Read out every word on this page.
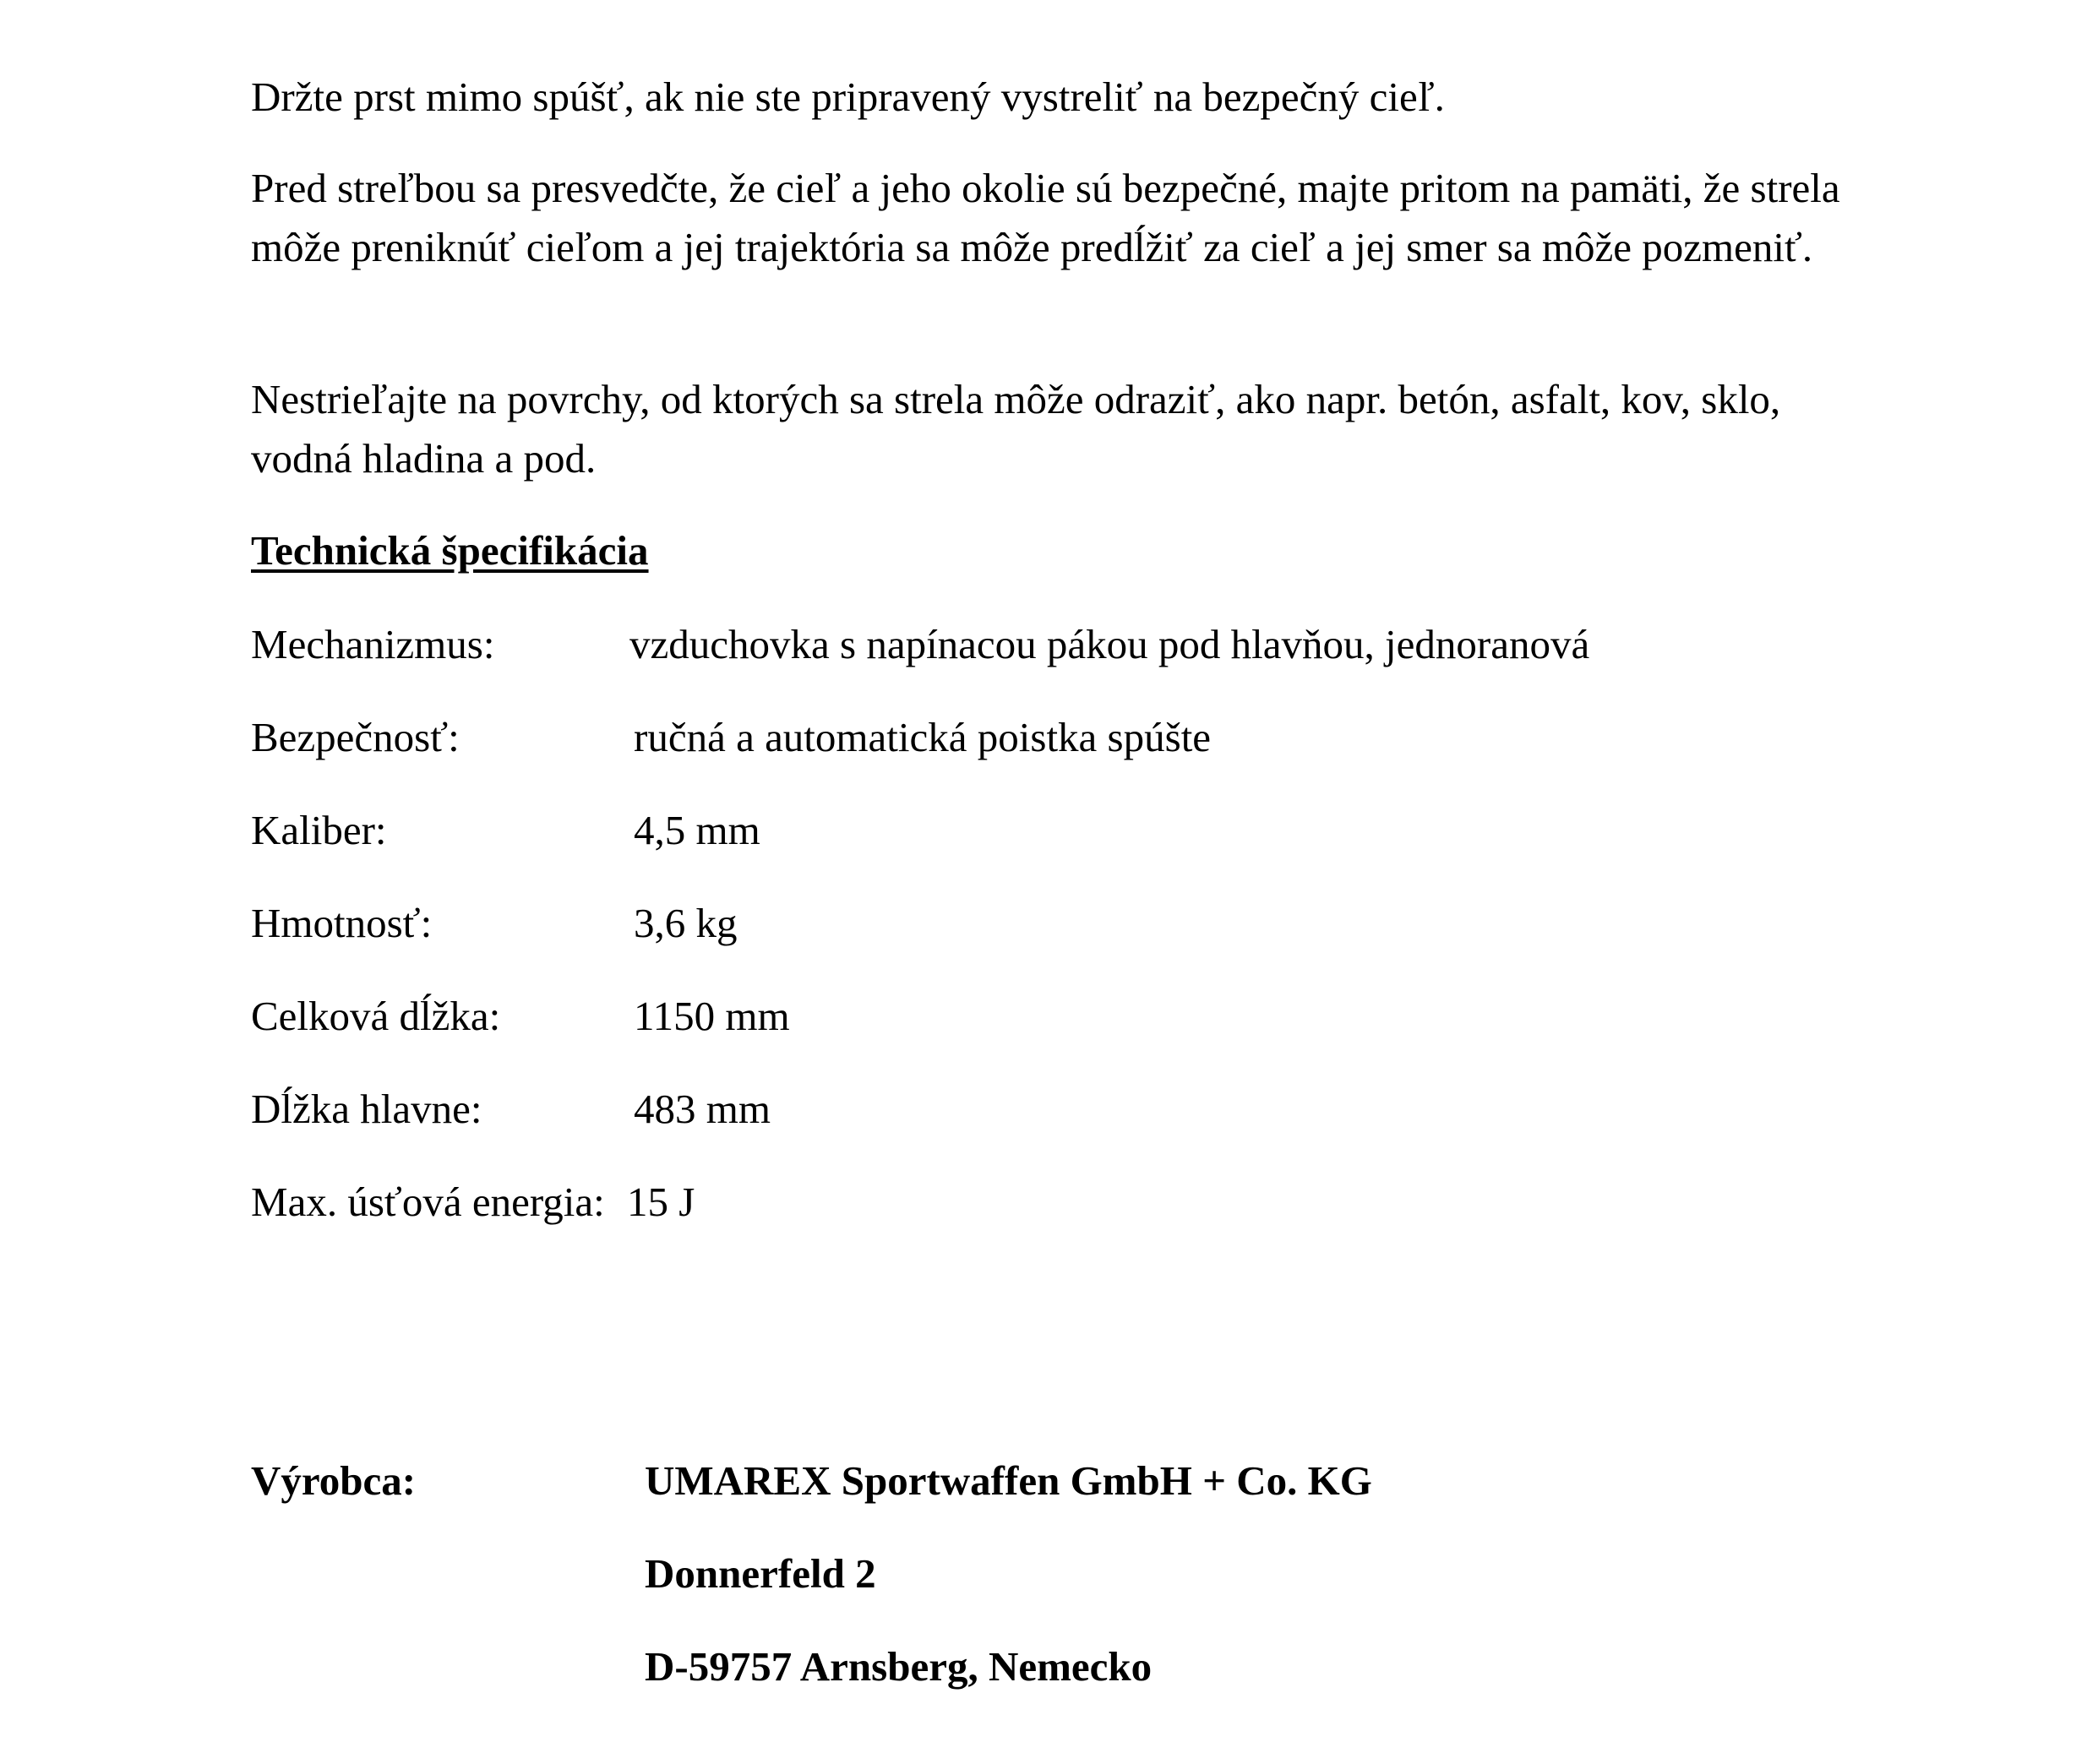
Držte prst mimo spúšť, ak nie ste pripravený vystreliť na bezpečný cieľ.

Pred streľbou sa presvedčte, že cieľ a jeho okolie sú bezpečné, majte pritom na pamäti, že strela môže preniknúť cieľom a jej trajektória sa môže predĺžiť za cieľ a jej smer sa môže pozmeniť.

Nestrieľajte na povrchy, od ktorých sa strela môže odraziť, ako napr. betón, asfalt, kov, sklo, vodná hladina a pod.

Technická špecifikácia
Mechanizmus:	vzduchovka s napínacou pákou pod hlavňou, jednoranová
Bezpečnosť:	ručná a automatická poistka spúšte
Kaliber:	4,5 mm
Hmotnosť:	3,6 kg
Celková dĺžka:	1150 mm
Dĺžka hlavne:	483 mm
Max. úsťová energia: 15 J
Výrobca:	UMAREX Sportwaffen GmbH + Co. KG
Donnerfeld 2
D-59757 Arnsberg, Nemecko
